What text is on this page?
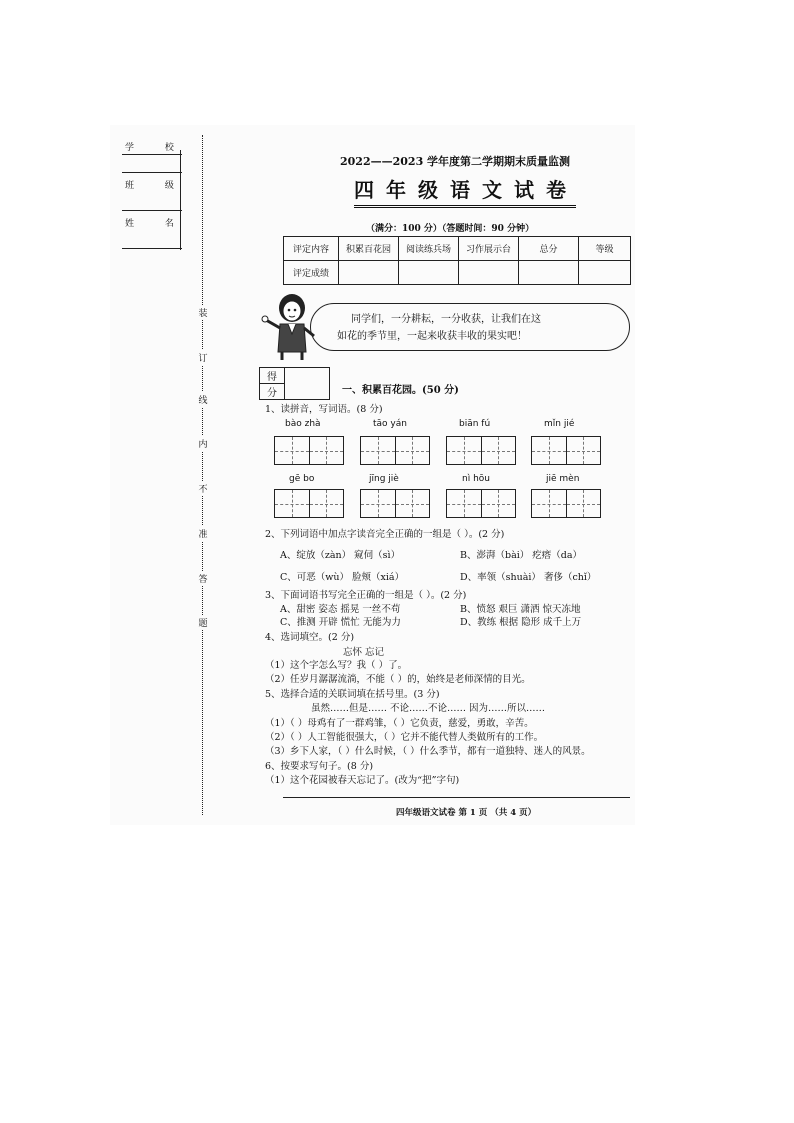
学 校
班 级
姓 名
装
订
线
内
不
准
答
题
2022——2023 学年度第二学期期末质量监测
四年级语文试卷
（满分：100 分）（答题时间：90 分钟）
评定内容	积累百花园	阅读练兵场	习作展示台	总分	等级
评定成绩					
同学们，一分耕耘，一分收获，让我们在这
如花的季节里，一起来收获丰收的果实吧！
得	
分	一、积累百花园。(50 分)
1、读拼音，写词语。(8 分)
bào zhà	tāo yán	biān fú	mǐn jié
gē bo	jīng jiè	nì hōu	jiē mèn
2、下列词语中加点字读音完全正确的一组是（ ）。(2 分)
A、绽放（zàn） 窥伺（sì）	B、澎湃（bài） 疙瘩（da）
C、可恶（wù） 脸颊（xiá）	D、率领（shuài） 奢侈（chǐ）
3、下面词语书写完全正确的一组是（ ）。(2 分)
A、甜密 姿态 摇晃 一丝不苟	B、愤怒 艰巨 潇洒 惊天冻地
C、推测 开辟 慌忙 无能为力	D、教练 根据 隐形 成千上万
4、选词填空。(2 分)
忘怀 忘记
（1）这个字怎么写？我（ ）了。
（2）任岁月潺潺流淌，不能（ ）的，始终是老师深情的目光。
5、选择合适的关联词填在括号里。(3 分)
虽然……但是…… 不论……不论…… 因为……所以……
（1）（ ）母鸡有了一群鸡雏，（ ）它负责，慈爱，勇敢，辛苦。
（2）（ ）人工智能很强大，（ ）它并不能代替人类做所有的工作。
（3）乡下人家，（ ）什么时候，（ ）什么季节，都有一道独特、迷人的风景。
6、按要求写句子。(8 分)
（1）这个花园被春天忘记了。(改为“把”字句)
四年级语文试卷 第 1 页 （共 4 页）
